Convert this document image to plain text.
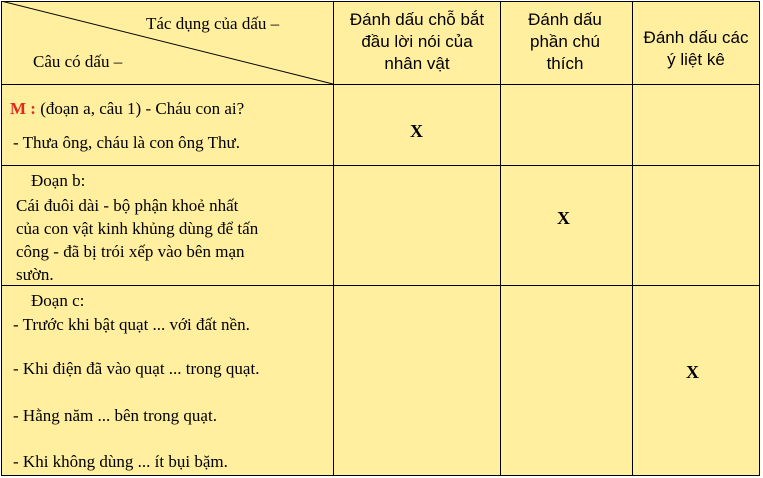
Tác dụng của dấu –
Câu có dấu –
Đánh dấu chỗ bắt đầu lời nói của nhân vật
Đánh dấu phần chú thích
Đánh dấu các ý liệt kê
M : (đoạn a, câu 1) - Cháu con ai?
- Thưa ông, cháu là con ông Thư.
X
Đoạn b:
Cái đuôi dài - bộ phận khoẻ nhất
của con vật kinh khủng dùng để tấn
công - đã bị trói xếp vào bên mạn
sườn.
X
Đoạn c:
- Trước khi bật quạt ... với đất nền.
- Khi điện đã vào quạt ... trong quạt.
- Hằng năm ... bên trong quạt.
- Khi không dùng ... ít bụi bặm.
X
